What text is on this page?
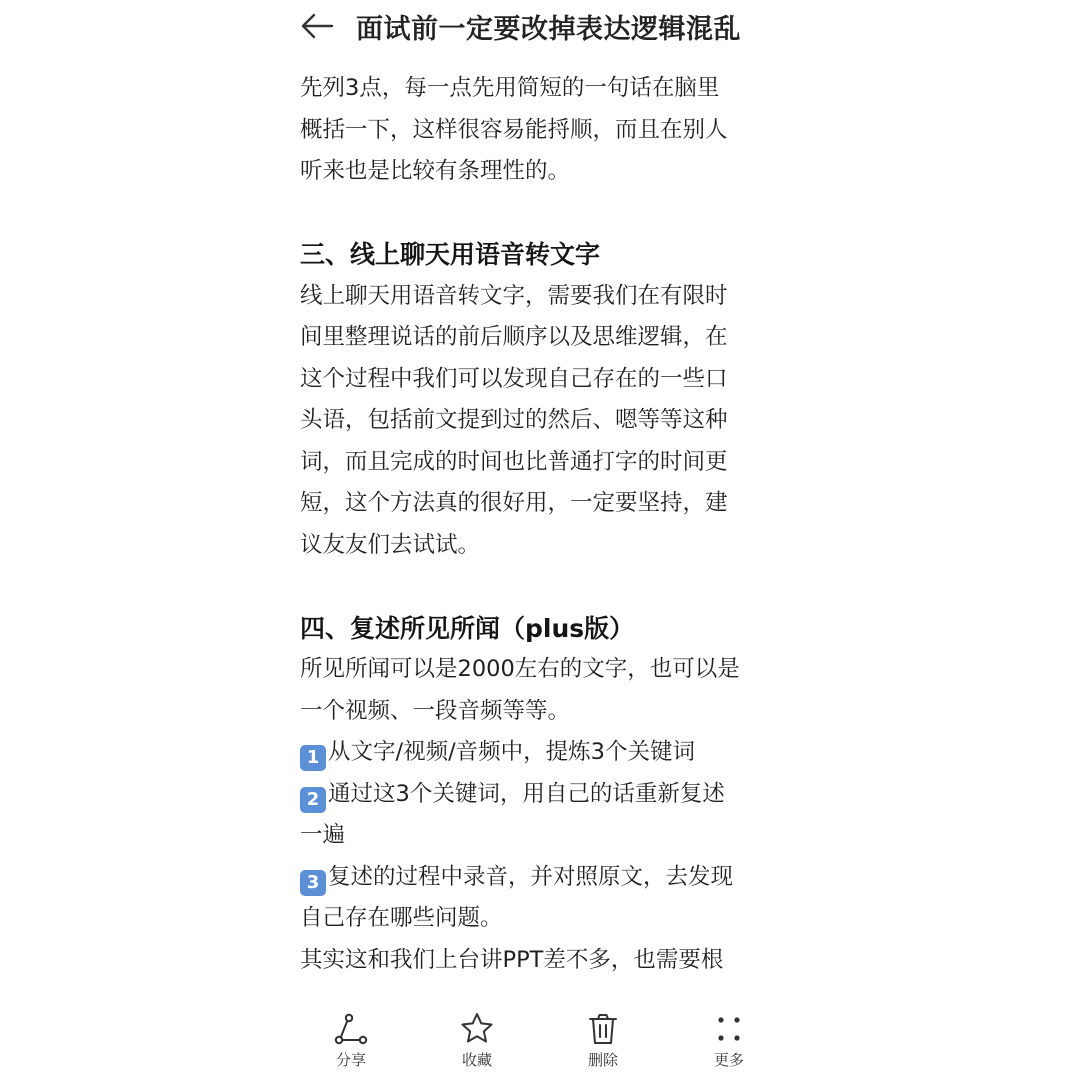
面试前一定要改掉表达逻辑混乱

先列3点，每一点先用简短的一句话在脑里

概括一下，这样很容易能捋顺，而且在别人

听来也是比较有条理性的。

三、线上聊天用语音转文字

线上聊天用语音转文字，需要我们在有限时

间里整理说话的前后顺序以及思维逻辑，在

这个过程中我们可以发现自己存在的一些口

头语，包括前文提到过的然后、嗯等等这种

词，而且完成的时间也比普通打字的时间更

短，这个方法真的很好用，一定要坚持，建

议友友们去试试。

四、复述所见所闻（plus版）

所见所闻可以是2000左右的文字，也可以是

一个视频、一段音频等等。

1 从文字/视频/音频中，提炼3个关键词

2 通过这3个关键词，用自己的话重新复述

一遍

3 复述的过程中录音，并对照原文，去发现

自己存在哪些问题。

其实这和我们上台讲PPT差不多，也需要根

分享	收藏	删除	更多
